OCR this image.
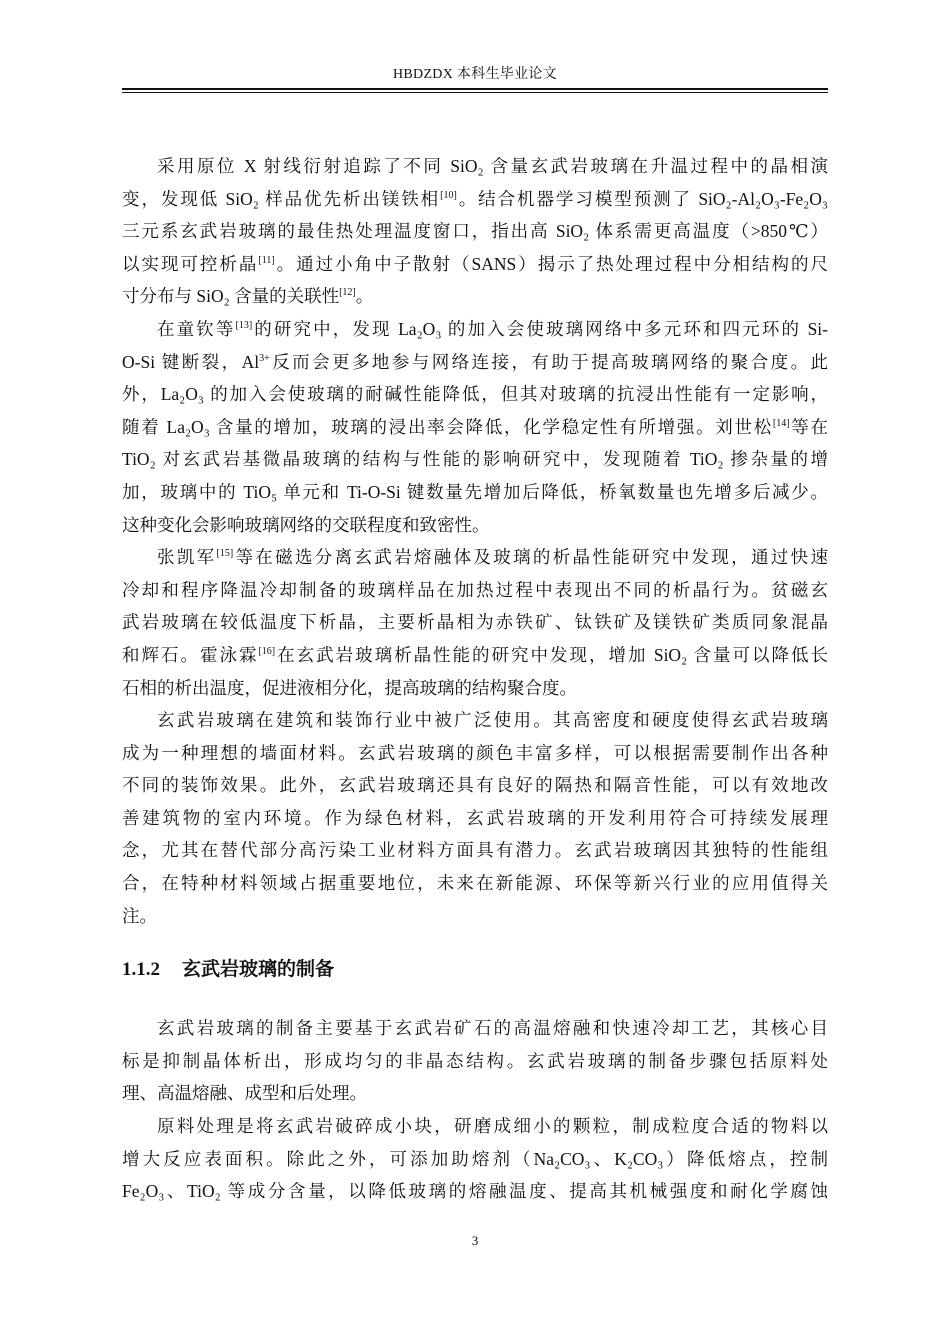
HBDZDX 本科生毕业论文
采用原位 X 射线衍射追踪了不同 SiO₂ 含量玄武岩玻璃在升温过程中的晶相演
变，发现低 SiO₂ 样品优先析出镁铁相[10]。结合机器学习模型预测了 SiO₂-Al₂O₃-Fe₂O₃
三元系玄武岩玻璃的最佳热处理温度窗口，指出高 SiO₂ 体系需更高温度（>850℃）
以实现可控析晶[11]。通过小角中子散射（SANS）揭示了热处理过程中分相结构的尺
寸分布与 SiO₂ 含量的关联性[12]。
在童钦等[13]的研究中，发现 La₂O₃ 的加入会使玻璃网络中多元环和四元环的 Si-
O-Si 键断裂，$Al^{3+}$反而会更多地参与网络连接，有助于提高玻璃网络的聚合度。此
外，La₂O₃ 的加入会使玻璃的耐碱性能降低，但其对玻璃的抗浸出性能有一定影响，
随着 La₂O₃ 含量的增加，玻璃的浸出率会降低，化学稳定性有所增强。刘世松[14]等在
TiO₂ 对玄武岩基微晶玻璃的结构与性能的影响研究中，发现随着 TiO₂ 掺杂量的增
加，玻璃中的 TiO₅ 单元和 Ti-O-Si 键数量先增加后降低，桥氧数量也先增多后减少。
这种变化会影响玻璃网络的交联程度和致密性。
张凯军[15]等在磁选分离玄武岩熔融体及玻璃的析晶性能研究中发现，通过快速
冷却和程序降温冷却制备的玻璃样品在加热过程中表现出不同的析晶行为。贫磁玄
武岩玻璃在较低温度下析晶，主要析晶相为赤铁矿、钛铁矿及镁铁矿类质同象混晶
和辉石。霍泳霖[16]在玄武岩玻璃析晶性能的研究中发现，增加 SiO₂ 含量可以降低长
石相的析出温度，促进液相分化，提高玻璃的结构聚合度。
玄武岩玻璃在建筑和装饰行业中被广泛使用。其高密度和硬度使得玄武岩玻璃
成为一种理想的墙面材料。玄武岩玻璃的颜色丰富多样，可以根据需要制作出各种
不同的装饰效果。此外，玄武岩玻璃还具有良好的隔热和隔音性能，可以有效地改
善建筑物的室内环境。作为绿色材料，玄武岩玻璃的开发利用符合可持续发展理
念，尤其在替代部分高污染工业材料方面具有潜力。玄武岩玻璃因其独特的性能组
合，在特种材料领域占据重要地位，未来在新能源、环保等新兴行业的应用值得关
注。
1.1.2 玄武岩玻璃的制备
玄武岩玻璃的制备主要基于玄武岩矿石的高温熔融和快速冷却工艺，其核心目
标是抑制晶体析出，形成均匀的非晶态结构。玄武岩玻璃的制备步骤包括原料处
理、高温熔融、成型和后处理。
原料处理是将玄武岩破碎成小块，研磨成细小的颗粒，制成粒度合适的物料以
增大反应表面积。除此之外，可添加助熔剂（Na₂CO₃、K₂CO₃）降低熔点，控制
Fe₂O₃、TiO₂ 等成分含量，以降低玻璃的熔融温度、提高其机械强度和耐化学腐蚀
3
